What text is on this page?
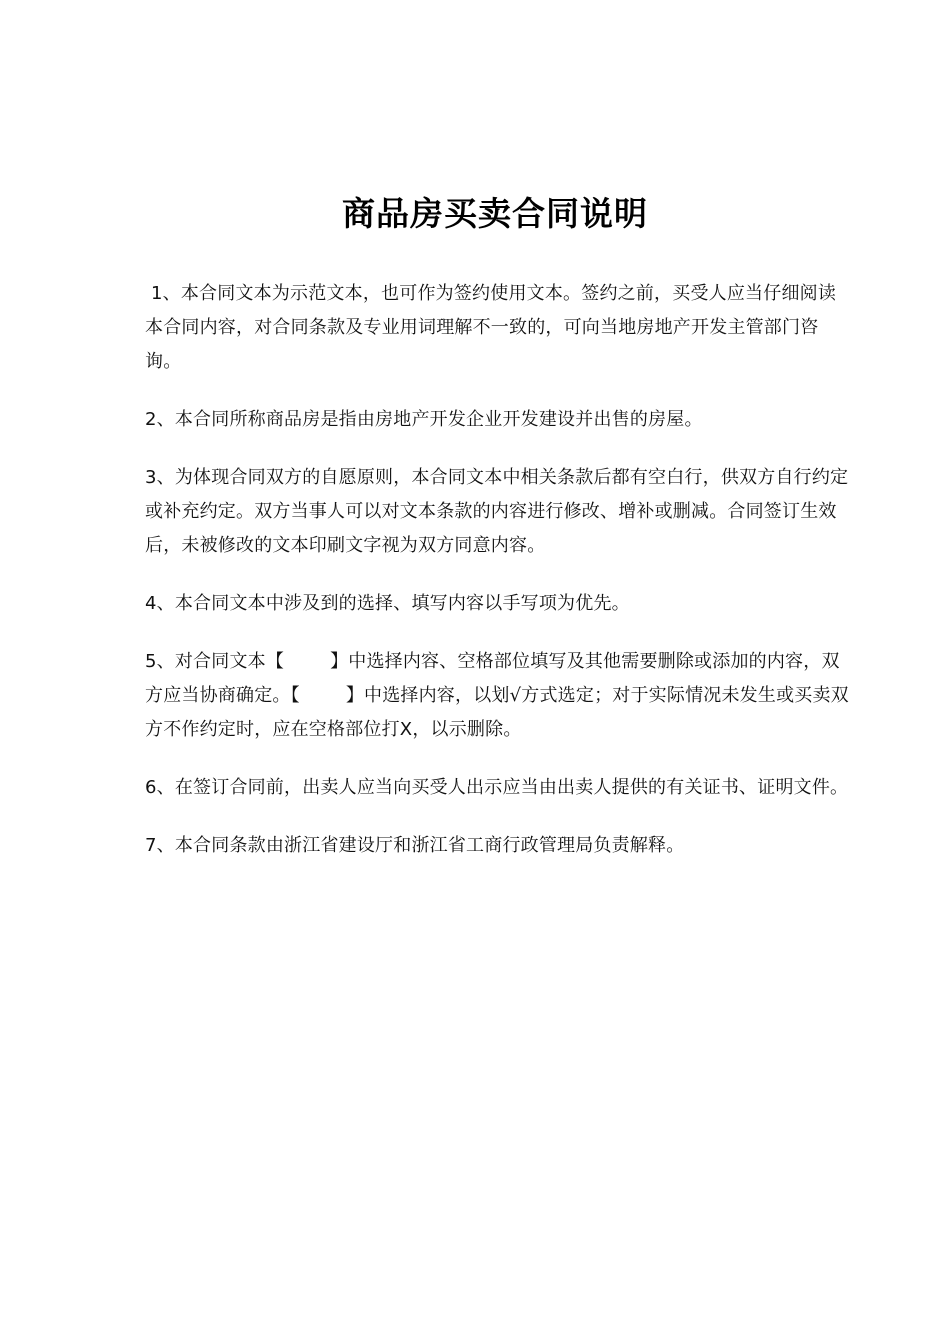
商品房买卖合同说明

1、本合同文本为示范文本，也可作为签约使用文本。签约之前，买受人应当仔细阅读本合同内容，对合同条款及专业用词理解不一致的，可向当地房地产开发主管部门咨询。

2、本合同所称商品房是指由房地产开发企业开发建设并出售的房屋。

3、为体现合同双方的自愿原则，本合同文本中相关条款后都有空白行，供双方自行约定或补充约定。双方当事人可以对文本条款的内容进行修改、增补或删减。合同签订生效后，未被修改的文本印刷文字视为双方同意内容。

4、本合同文本中涉及到的选择、填写内容以手写项为优先。

5、对合同文本【	】中选择内容、空格部位填写及其他需要删除或添加的内容，双方应当协商确定。【	】中选择内容，以划√方式选定；对于实际情况未发生或买卖双方不作约定时，应在空格部位打X，以示删除。

6、在签订合同前，出卖人应当向买受人出示应当由出卖人提供的有关证书、证明文件。

7、本合同条款由浙江省建设厅和浙江省工商行政管理局负责解释。
